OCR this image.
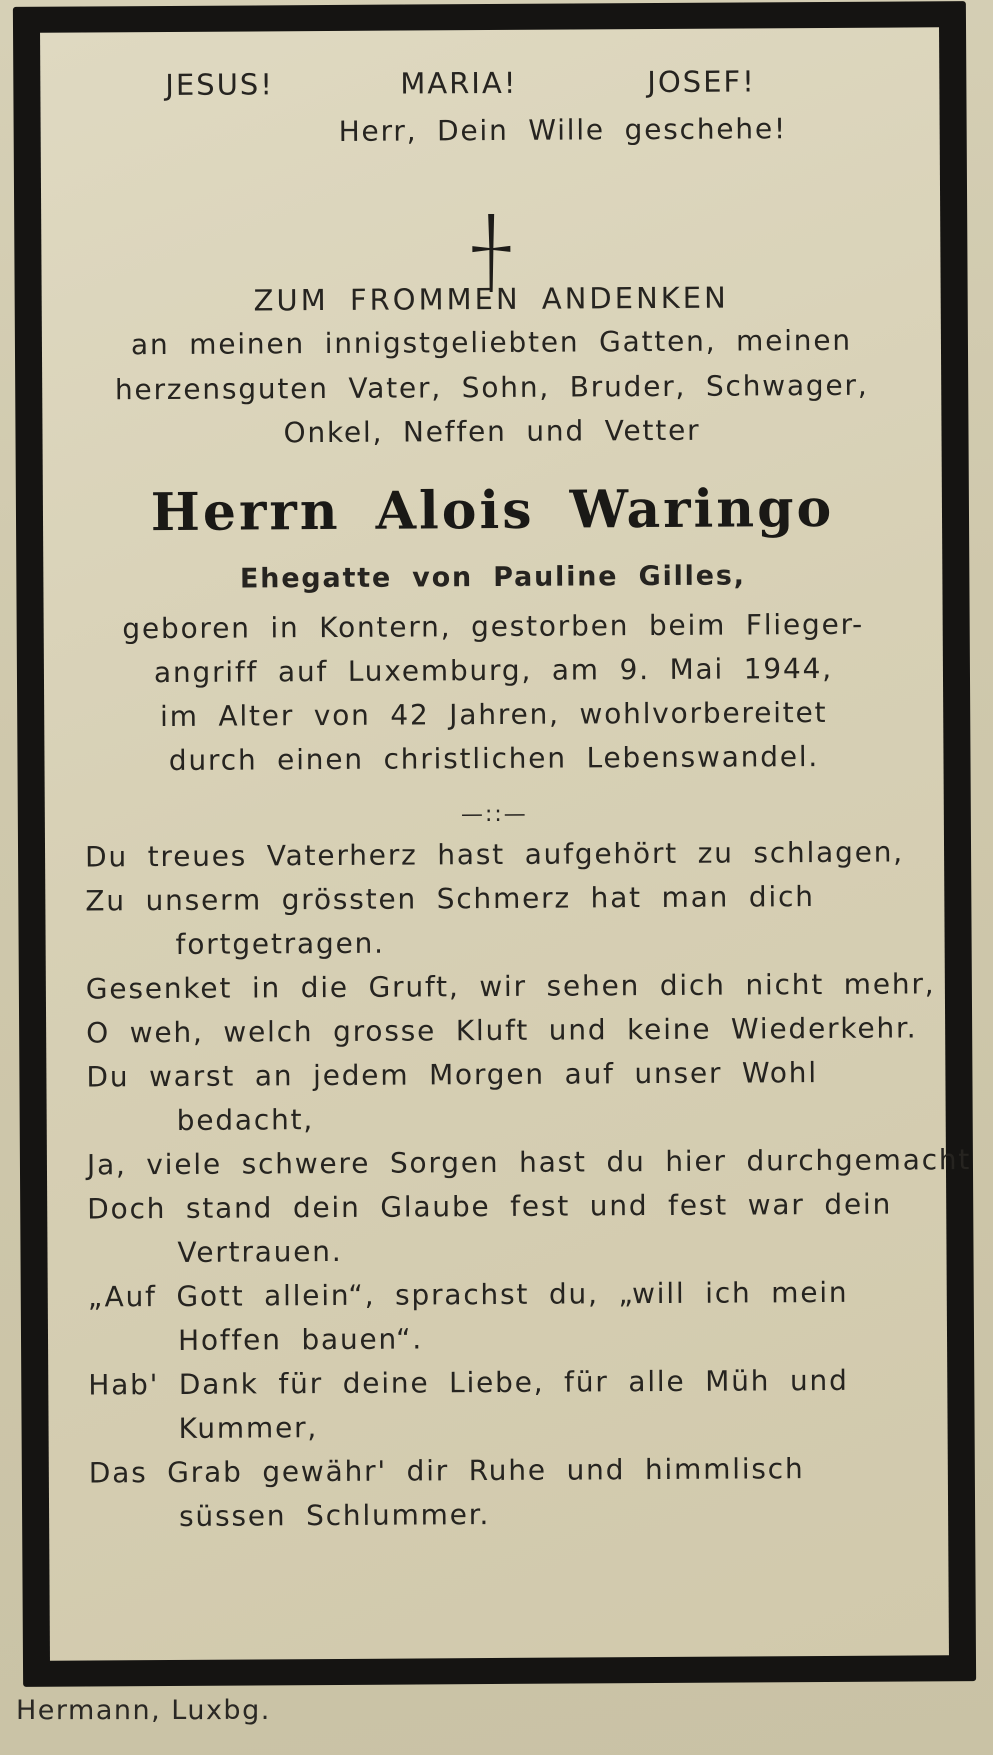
JESUS!	MARIA!	JOSEF!
Herr, Dein Wille geschehe!
ZUM FROMMEN ANDENKEN
an meinen innigstgeliebten Gatten, meinen
herzensguten Vater, Sohn, Bruder, Schwager,
Onkel, Neffen und Vetter
Herrn Alois Waringo
Ehegatte von Pauline Gilles,
geboren in Kontern, gestorben beim Flieger-
angriff auf Luxemburg, am 9. Mai 1944,
im Alter von 42 Jahren, wohlvorbereitet
durch einen christlichen Lebenswandel.
—::—
Du treues Vaterherz hast aufgehört zu schlagen,
Zu unserm grössten Schmerz hat man dich
fortgetragen.
Gesenket in die Gruft, wir sehen dich nicht mehr,
O weh, welch grosse Kluft und keine Wiederkehr.
Du warst an jedem Morgen auf unser Wohl
bedacht,
Ja, viele schwere Sorgen hast du hier durchgemacht
Doch stand dein Glaube fest und fest war dein
Vertrauen.
„Auf Gott allein“, sprachst du, „will ich mein
Hoffen bauen“.
Hab' Dank für deine Liebe, für alle Müh und
Kummer,
Das Grab gewähr' dir Ruhe und himmlisch
süssen Schlummer.
Hermann, Luxbg.
